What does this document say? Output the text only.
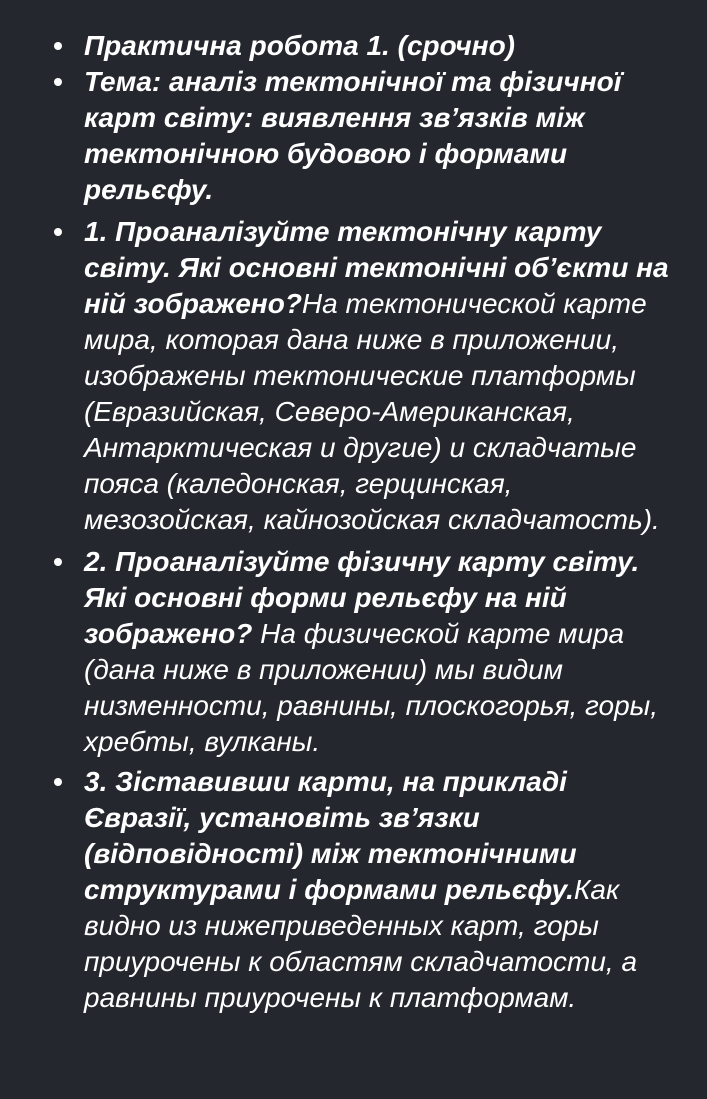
Практична робота 1. (срочно)
Тема: аналіз тектонічної та фізичної карт світу: виявлення зв’язків між тектонічною будовою і формами рельєфу.
1. Проаналізуйте тектонічну карту світу. Які основні тектонічні об’єкти на ній зображено?На тектонической карте мира, которая дана ниже в приложении, изображены тектонические платформы (Евразийская, Северо-Американская, Антарктическая и другие) и складчатые пояса (каледонская, герцинская, мезозойская, кайнозойская складчатость).
2. Проаналізуйте фізичну карту світу. Які основні форми рельєфу на ній зображено? На физической карте мира (дана ниже в приложении) мы видим низменности, равнины, плоскогорья, горы, хребты, вулканы.
3. Зіставивши карти, на прикладі Євразії, установіть зв’язки (відповідності) між тектонічними структурами і формами рельєфу.Как видно из нижеприведенных карт, горы приурочены к областям складчатости, а равнины приурочены к платформам.
